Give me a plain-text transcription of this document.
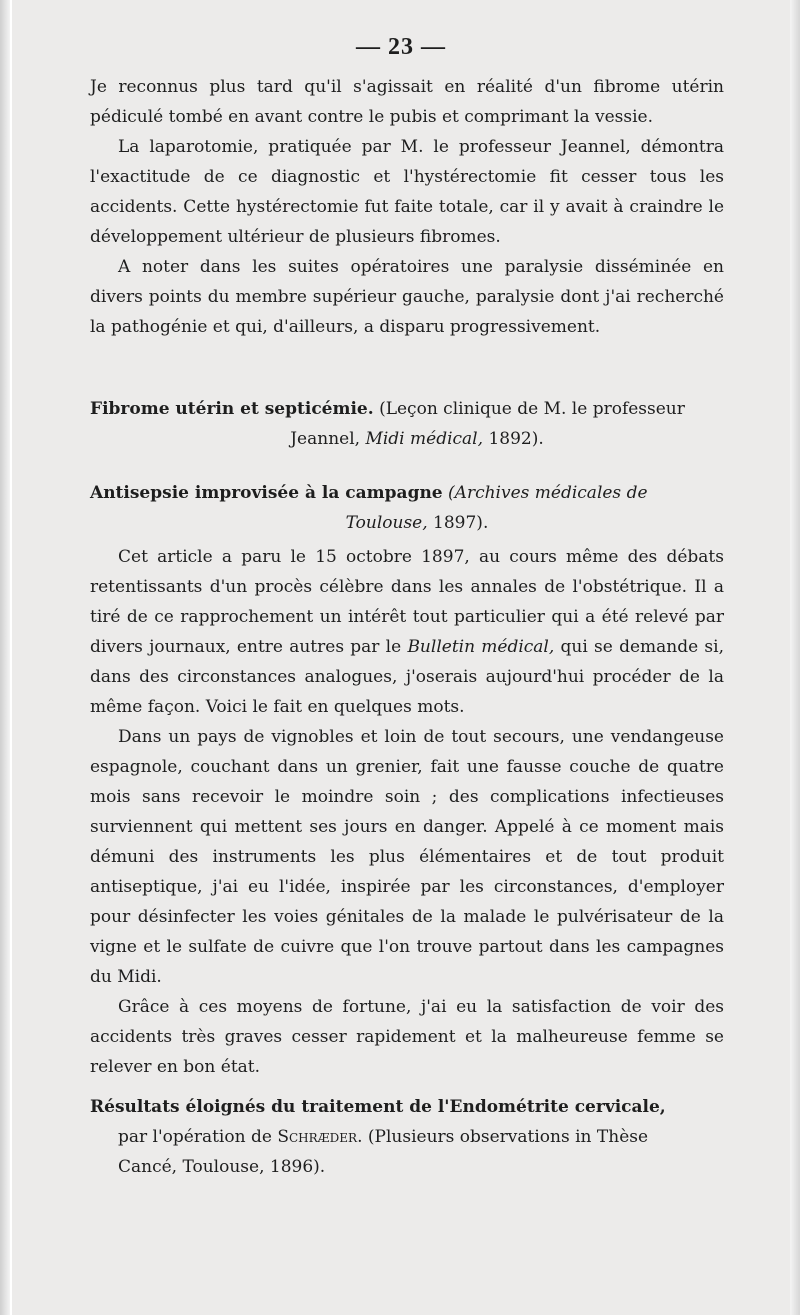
— 23 —

Je reconnus plus tard qu'il s'agissait en réalité d'un fibrome utérin pédiculé tombé en avant contre le pubis et comprimant la vessie.

La laparotomie, pratiquée par M. le professeur Jeannel, démontra l'exactitude de ce diagnostic et l'hystérectomie fit cesser tous les accidents. Cette hystérectomie fut faite totale, car il y avait à craindre le développement ultérieur de plusieurs fibromes.

A noter dans les suites opératoires une paralysie disséminée en divers points du membre supérieur gauche, paralysie dont j'ai recherché la pathogénie et qui, d'ailleurs, a disparu progressivement.

Fibrome utérin et septicémie. (Leçon clinique de M. le professeur

Jeannel, Midi médical, 1892).

Antisepsie improvisée à la campagne (Archives médicales de

Toulouse, 1897).

Cet article a paru le 15 octobre 1897, au cours même des débats retentissants d'un procès célèbre dans les annales de l'obstétrique. Il a tiré de ce rapprochement un intérêt tout particulier qui a été relevé par divers journaux, entre autres par le Bulletin médical, qui se demande si, dans des circonstances analogues, j'oserais aujourd'hui procéder de la même façon. Voici le fait en quelques mots.

Dans un pays de vignobles et loin de tout secours, une vendangeuse espagnole, couchant dans un grenier, fait une fausse couche de quatre mois sans recevoir le moindre soin ; des complications infectieuses surviennent qui mettent ses jours en danger. Appelé à ce moment mais démuni des instruments les plus élémentaires et de tout produit antiseptique, j'ai eu l'idée, inspirée par les circonstances, d'employer pour désinfecter les voies génitales de la malade le pulvérisateur de la vigne et le sulfate de cuivre que l'on trouve partout dans les campagnes du Midi.

Grâce à ces moyens de fortune, j'ai eu la satisfaction de voir des accidents très graves cesser rapidement et la malheureuse femme se relever en bon état.

Résultats éloignés du traitement de l'Endométrite cervicale,

par l'opération de Schræder. (Plusieurs observations in Thèse

Cancé, Toulouse, 1896).
